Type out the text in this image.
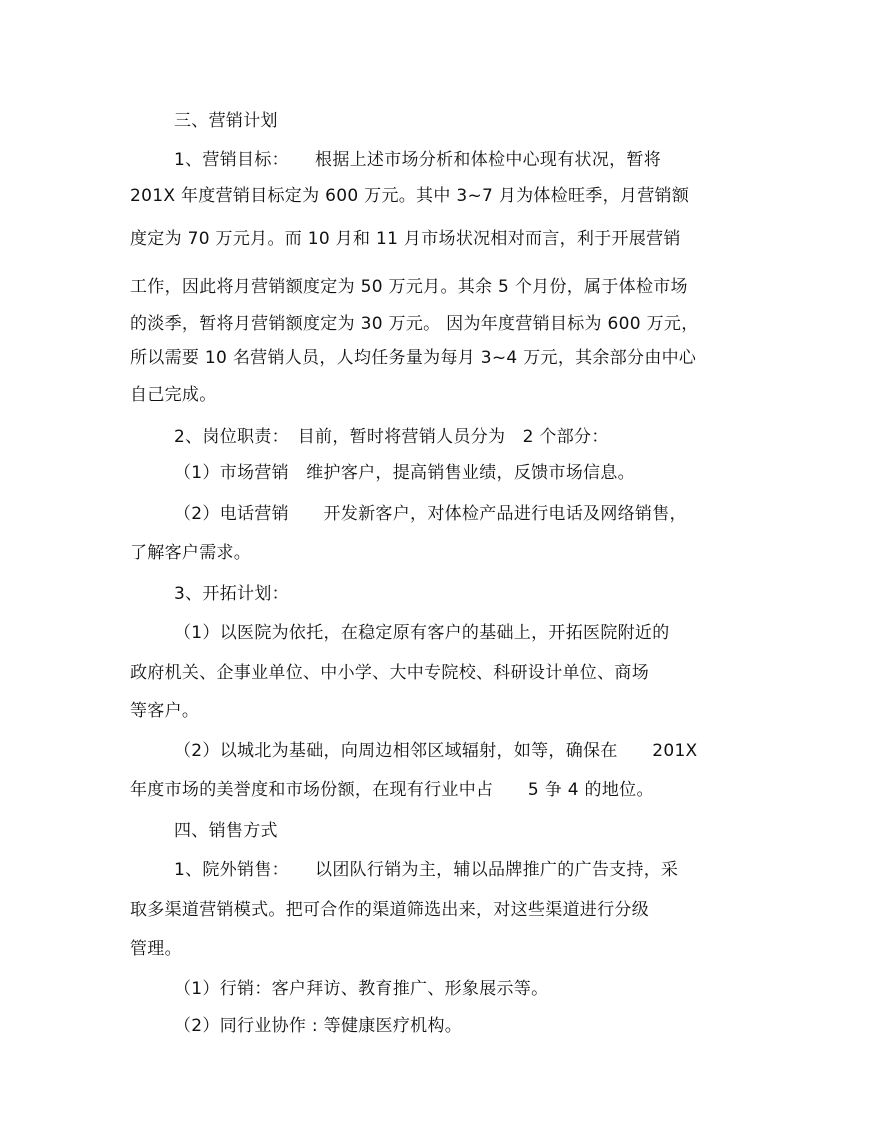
三、营销计划
1、营销目标：　　根据上述市场分析和体检中心现有状况，暂将
201X 年度营销目标定为 600 万元。其中 3~7 月为体检旺季，月营销额
度定为 70 万元月。而 10 月和 11 月市场状况相对而言，利于开展营销
工作，因此将月营销额度定为 50 万元月。其余 5 个月份，属于体检市场
的淡季，暂将月营销额度定为 30 万元。 因为年度营销目标为 600 万元，
所以需要 10 名营销人员，人均任务量为每月 3~4 万元，其余部分由中心
自己完成。
2、岗位职责：　目前，暂时将营销人员分为　2 个部分：
（1）市场营销　维护客户，提高销售业绩，反馈市场信息。
（2）电话营销　　开发新客户，对体检产品进行电话及网络销售，
了解客户需求。
3、开拓计划：
（1）以医院为依托，在稳定原有客户的基础上，开拓医院附近的
政府机关、企事业单位、中小学、大中专院校、科研设计单位、商场
等客户。
（2）以城北为基础，向周边相邻区域辐射，如等，确保在　　201X
年度市场的美誉度和市场份额，在现有行业中占　　5 争 4 的地位。
四、销售方式
1、院外销售：　　以团队行销为主，辅以品牌推广的广告支持，采
取多渠道营销模式。把可合作的渠道筛选出来，对这些渠道进行分级
管理。
（1）行销：客户拜访、教育推广、形象展示等。
（2）同行业协作 : 等健康医疗机构。
